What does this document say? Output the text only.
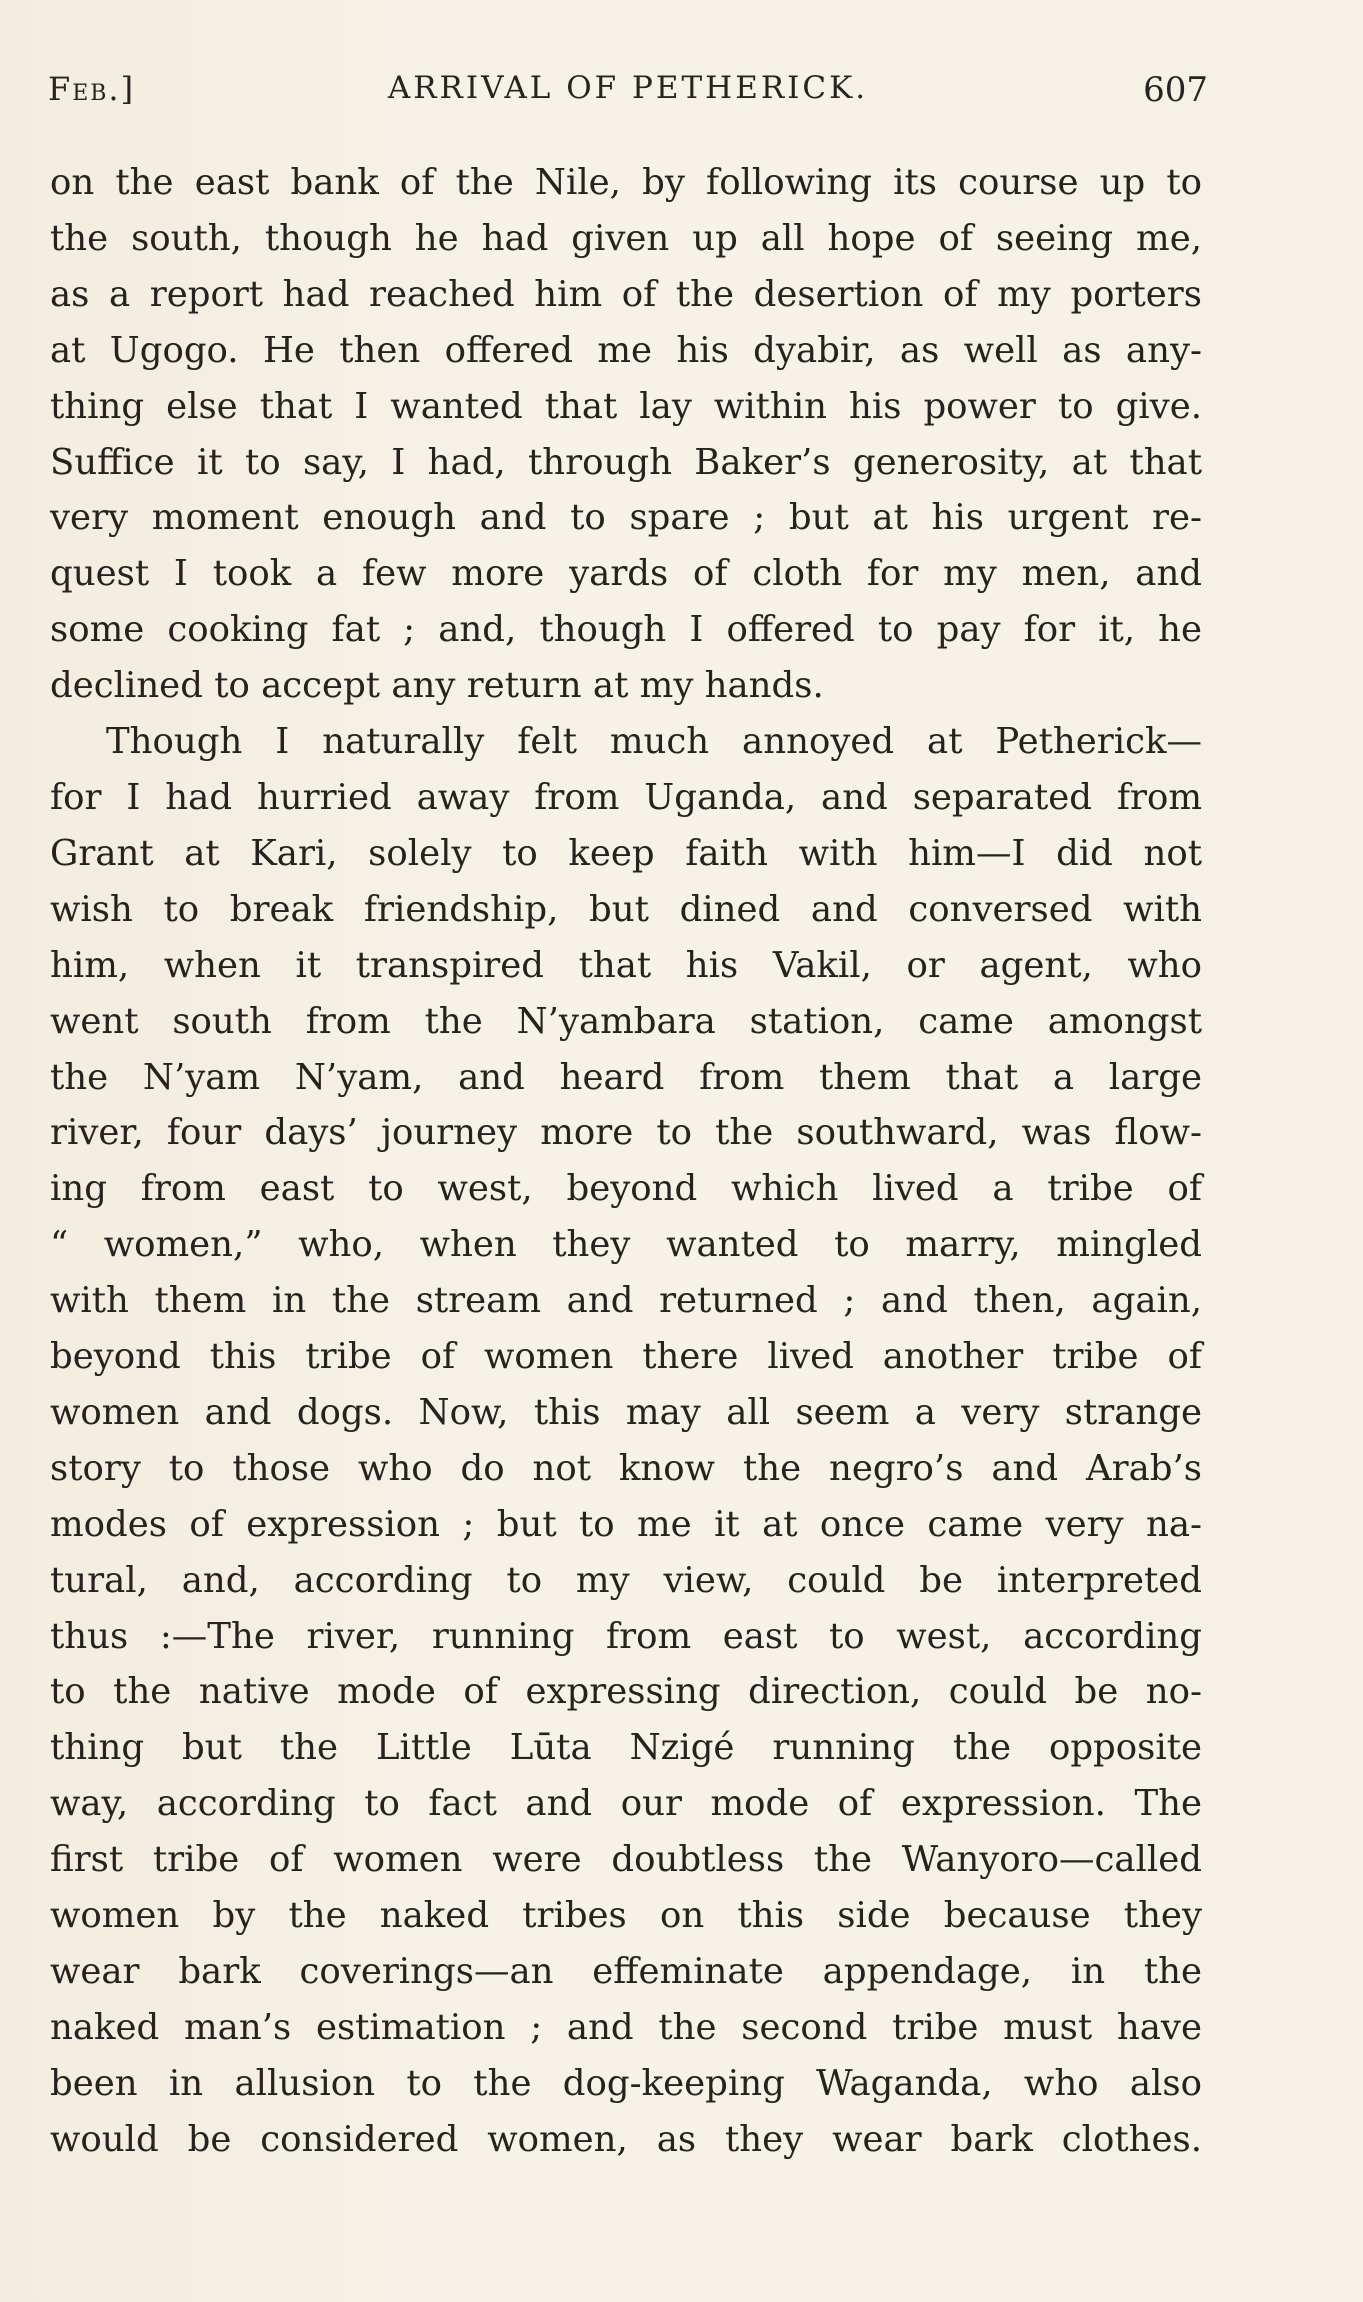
Feb.]	ARRIVAL OF PETHERICK.	607

on the east bank of the Nile, by following its course up to
the south, though he had given up all hope of seeing me,
as a report had reached him of the desertion of my porters
at Ugogo. He then offered me his dyabir, as well as any-
thing else that I wanted that lay within his power to give.
Suffice it to say, I had, through Baker’s generosity, at that
very moment enough and to spare ; but at his urgent re-
quest I took a few more yards of cloth for my men, and
some cooking fat ; and, though I offered to pay for it, he
declined to accept any return at my hands.

Though I naturally felt much annoyed at Petherick—
for I had hurried away from Uganda, and separated from
Grant at Kari, solely to keep faith with him—I did not
wish to break friendship, but dined and conversed with
him, when it transpired that his Vakil, or agent, who
went south from the N’yambara station, came amongst
the N’yam N’yam, and heard from them that a large
river, four days’ journey more to the southward, was flow-
ing from east to west, beyond which lived a tribe of
“ women,” who, when they wanted to marry, mingled
with them in the stream and returned ; and then, again,
beyond this tribe of women there lived another tribe of
women and dogs. Now, this may all seem a very strange
story to those who do not know the negro’s and Arab’s
modes of expression ; but to me it at once came very na-
tural, and, according to my view, could be interpreted
thus :—The river, running from east to west, according
to the native mode of expressing direction, could be no-
thing but the Little Lūta Nzigé running the opposite
way, according to fact and our mode of expression. The
first tribe of women were doubtless the Wanyoro—called
women by the naked tribes on this side because they
wear bark coverings—an effeminate appendage, in the
naked man’s estimation ; and the second tribe must have
been in allusion to the dog-keeping Waganda, who also
would be considered women, as they wear bark clothes.
